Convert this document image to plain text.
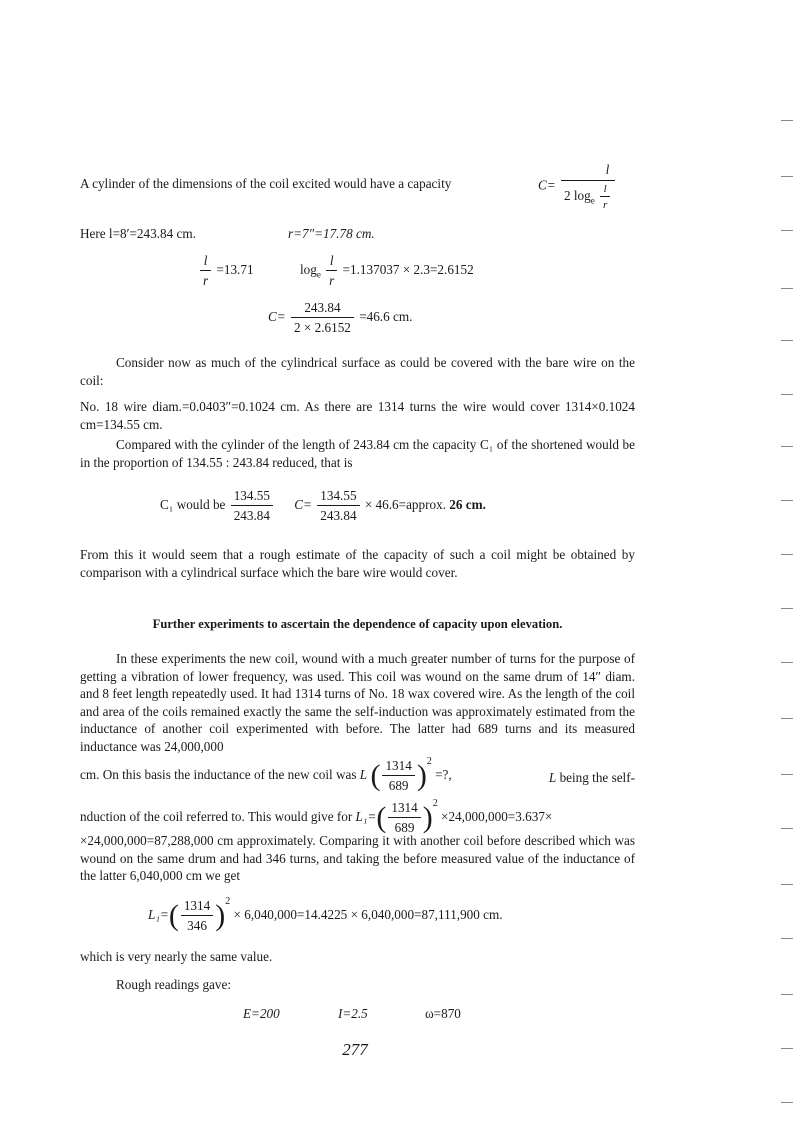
A cylinder of the dimensions of the coil excited would have a capacity	$C= \frac{l}{2 \log_e \frac{l}{r}}$
Here l=8′=243.84 cm.	r=7″=17.78 cm.
$\frac{l}{r} =13.71$	$\log_e \frac{l}{r} =1.137037 \times 2.3=2.6152$
$C= \frac{243.84}{2 \times 2.6152} =46.6$ cm.
Consider now as much of the cylindrical surface as could be covered with the bare wire on the coil:
No. 18 wire diam.=0.0403″=0.1024 cm. As there are 1314 turns the wire would cover 1314×0.1024 cm=134.55 cm.
Compared with the cylinder of the length of 243.84 cm the capacity C₁ of the shortened would be in the proportion of 134.55 : 243.84 reduced, that is
C₁ would be $\frac{134.55}{243.84} C= \frac{134.55}{243.84}$ × 46.6=approx. 26 cm.
From this it would seem that a rough estimate of the capacity of such a coil might be obtained by comparison with a cylindrical surface which the bare wire would cover.
Further experiments to ascertain the dependence of capacity upon elevation.
In these experiments the new coil, wound with a much greater number of turns for the purpose of getting a vibration of lower frequency, was used. This coil was wound on the same drum of 14″ diam. and 8 feet length repeatedly used. It had 1314 turns of No. 18 wax covered wire. As the length of the coil and area of the coils remained exactly the same the self-induction was approximately estimated from the inductance of another coil experimented with before. The latter had 689 turns and its measured inductance was 24,000,000
cm. On this basis the inductance of the new coil was L ( $\frac{1314}{689} )^2$ =?,	L being the self-
nduction of the coil referred to. This would give for $L_1=( \frac{1314}{689} )^2 \times 24,000,000=3.637\times$
×24,000,000=87,288,000 cm approximately. Comparing it with another coil before described which was wound on the same drum and had 346 turns, and taking the before measured value of the inductance of the latter 6,040,000 cm we get
$L_1=( \frac{1314}{346} )^2 \times 6,040,000=14.4225 \times 6,040,000=87,111,900$ cm.
which is very nearly the same value.
Rough readings gave:
E=200	I=2.5	ω=870
277
